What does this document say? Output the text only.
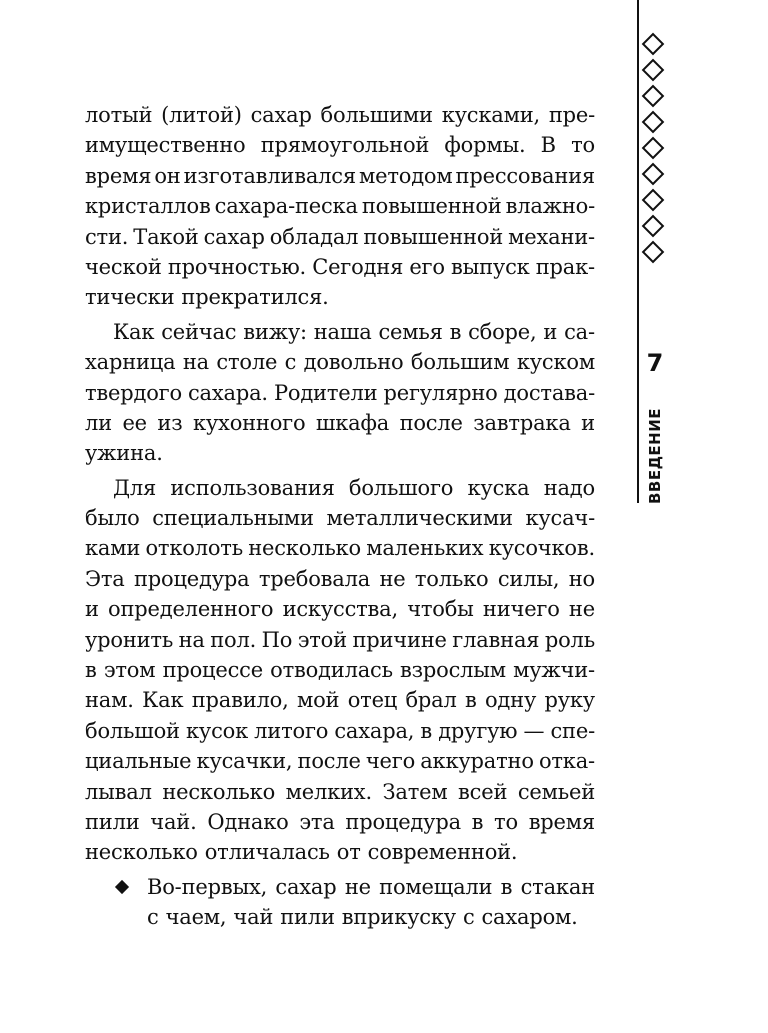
7
ВВЕДЕНИЕ
лотый (литой) сахар большими кусками, пре-
имущественно прямоугольной формы. В то
время он изготавливался методом прессования
кристаллов сахара-песка повышенной влажно-
сти. Такой сахар обладал повышенной механи-
ческой прочностью. Сегодня его выпуск прак-
тически прекратился.
Как сейчас вижу: наша семья в сборе, и са-
харница на столе с довольно большим куском
твердого сахара. Родители регулярно достава-
ли ее из кухонного шкафа после завтрака и
ужина.
Для использования большого куска надо
было специальными металлическими кусач-
ками отколоть несколько маленьких кусочков.
Эта процедура требовала не только силы, но
и определенного искусства, чтобы ничего не
уронить на пол. По этой причине главная роль
в этом процессе отводилась взрослым мужчи-
нам. Как правило, мой отец брал в одну руку
большой кусок литого сахара, в другую — спе-
циальные кусачки, после чего аккуратно отка-
лывал несколько мелких. Затем всей семьей
пили чай. Однако эта процедура в то время
несколько отличалась от современной.
Во-первых, сахар не помещали в стакан
с чаем, чай пили вприкуску с сахаром.
